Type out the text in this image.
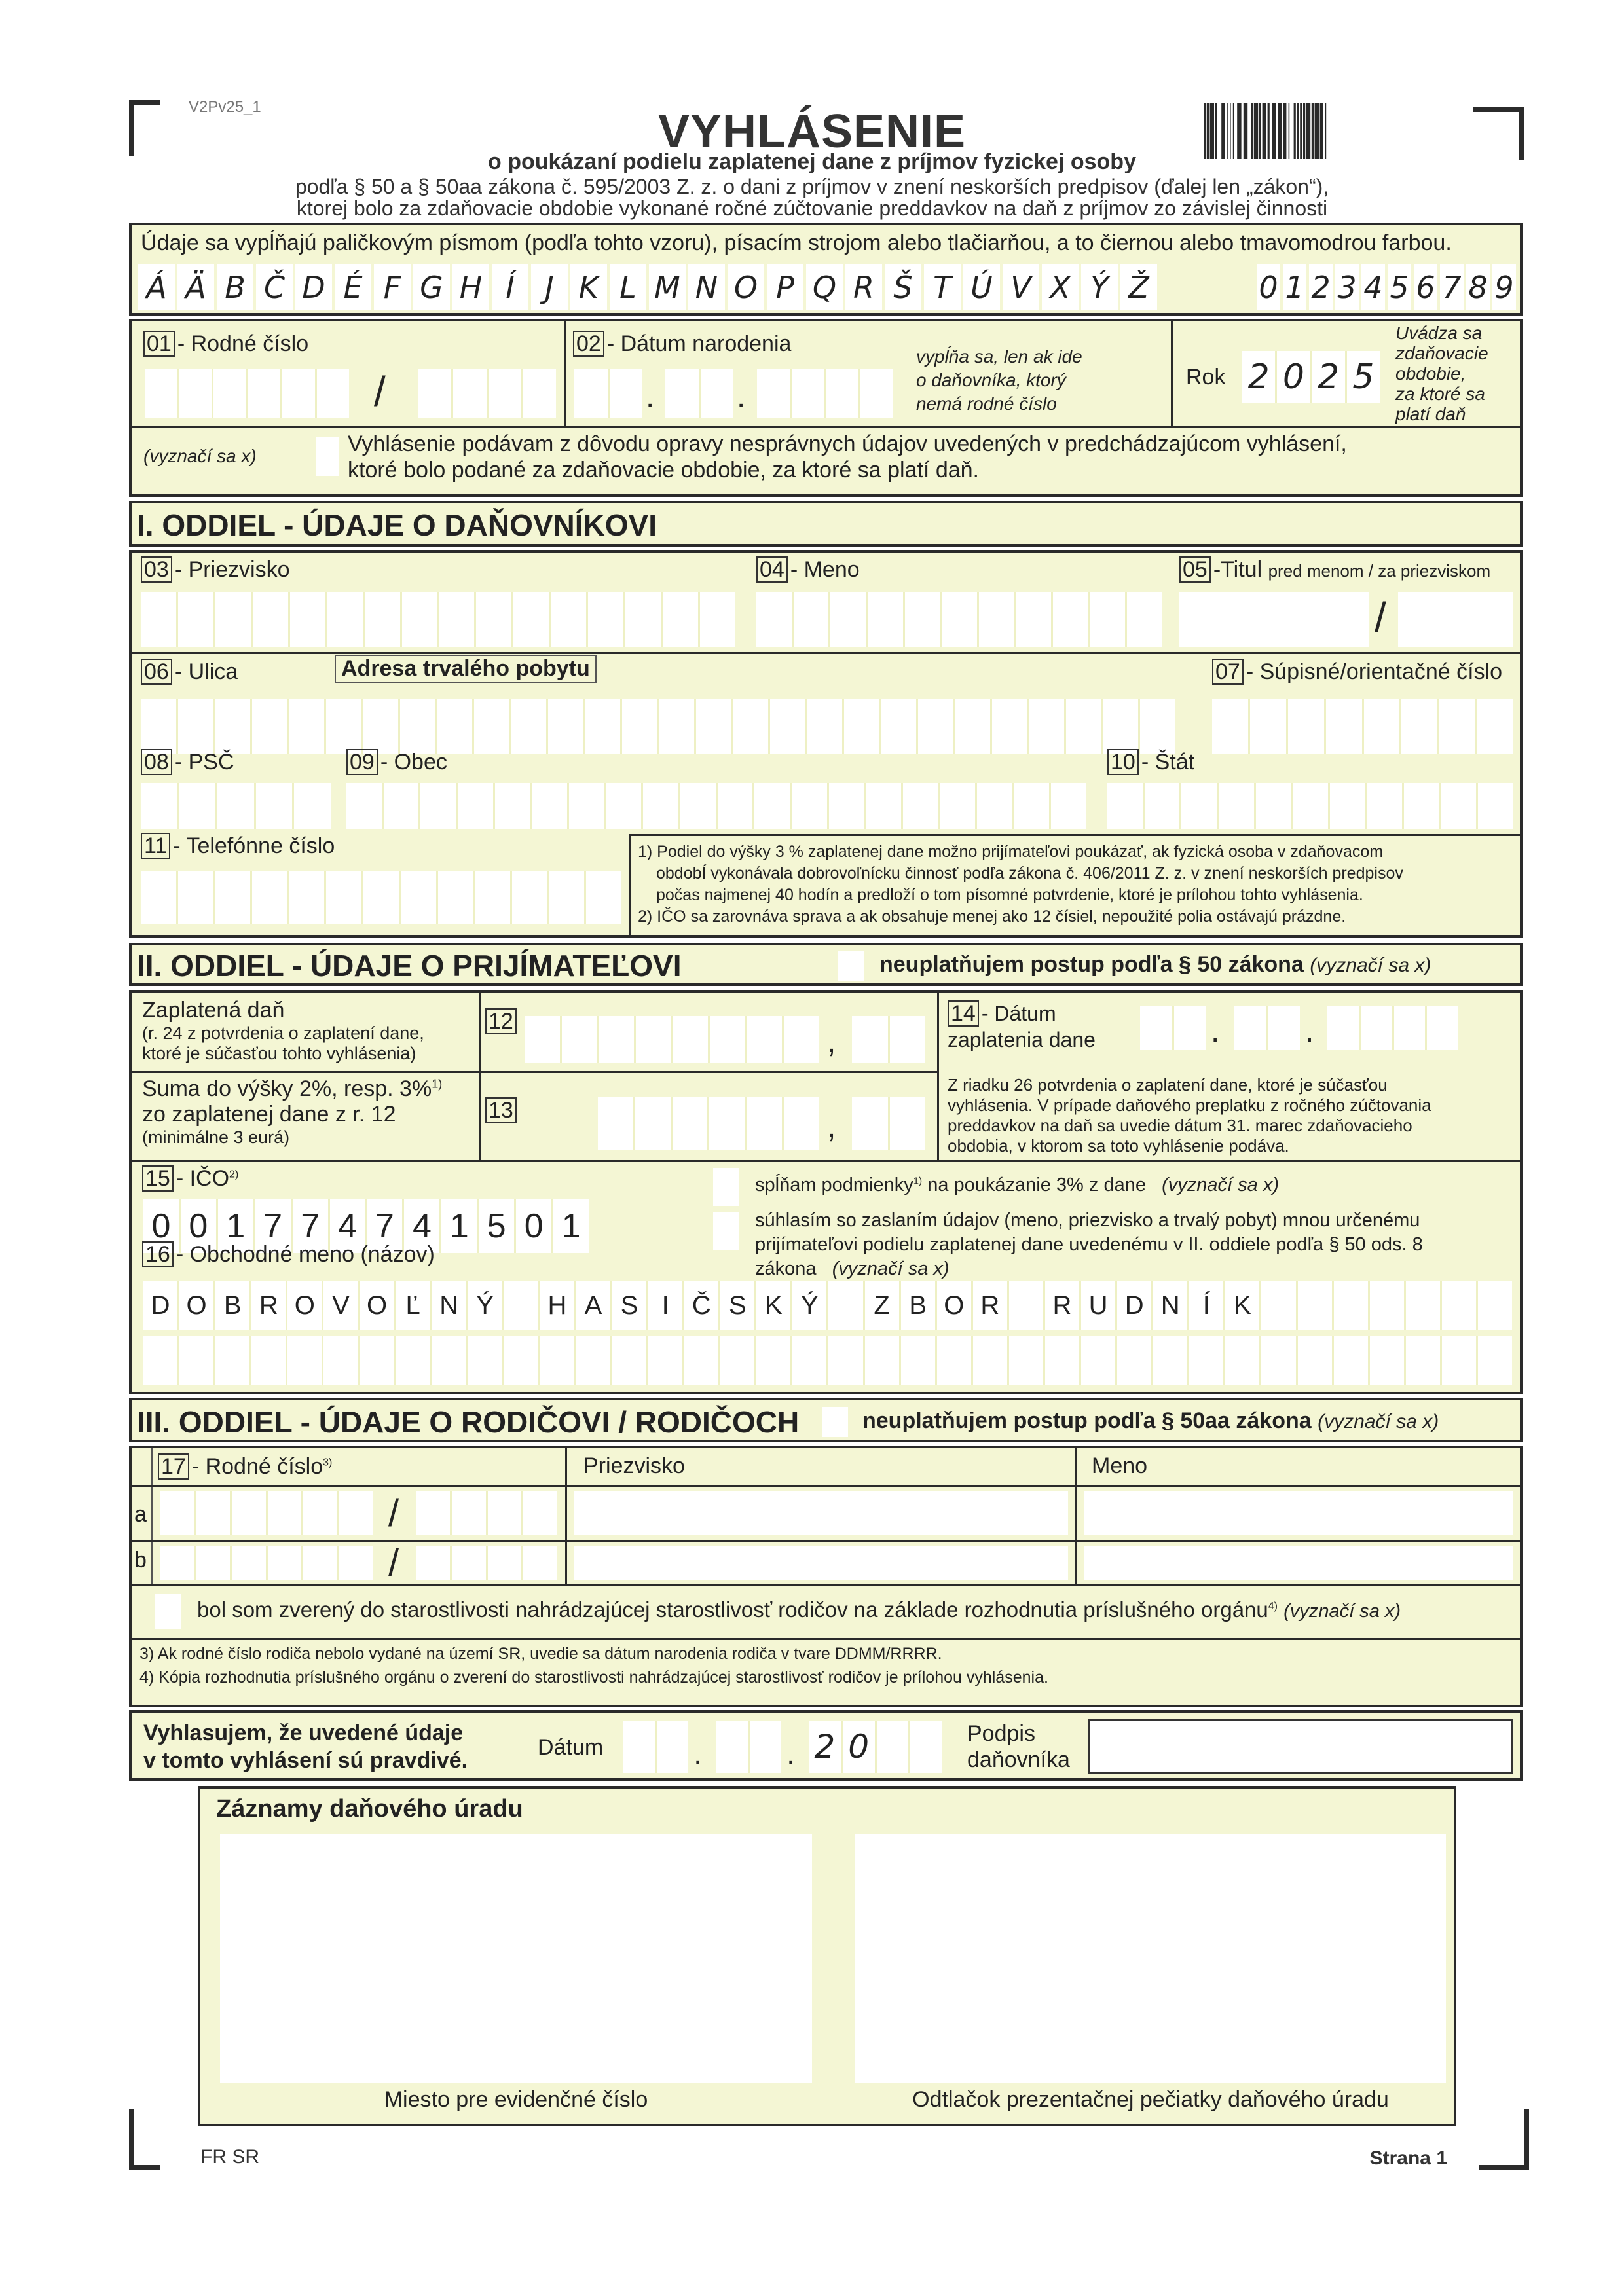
V2Pv25_1	VYHLÁSENIE
o poukázaní podielu zaplatenej dane z príjmov fyzickej osoby
podľa § 50 a § 50aa zákona č. 595/2003 Z. z. o dani z príjmov v znení neskorších predpisov (ďalej len „zákon“),
ktorej bolo za zdaňovacie obdobie vykonané ročné zúčtovanie preddavkov na daň z príjmov zo závislej činnosti
Údaje sa vypĺňajú paličkovým písmom (podľa tohto vzoru), písacím strojom alebo tlačiarňou, a to čiernou alebo tmavomodrou farbou.
Á Ä B Č D É F G H Í	J K L M N O P Q R Š T Ú V X Ý Ž	0 1 2 3 4 5 6 7 8 9
01 - Rodné číslo
/
02 - Dátum narodenia
.	.
vypĺňa sa, len ak ide
o daňovníka, ktorý
nemá rodné číslo
Rok 2 0 2 5
Uvádza sa
zdaňovacie
obdobie,
za ktoré sa
platí daň
(vyznačí sa x)	Vyhlásenie podávam z dôvodu opravy nesprávnych údajov uvedených v predchádzajúcom vyhlásení,
ktoré bolo podané za zdaňovacie obdobie, za ktoré sa platí daň.
I. ODDIEL - ÚDAJE O DAŇOVNÍKOVI
03 - Priezvisko	04 - Meno	05 -Titul pred menom / za priezviskom
/
06 - Ulica	Adresa trvalého pobytu	07 - Súpisné/orientačné číslo
08 - PSČ	09 - Obec	10 - Štát
11 - Telefónne číslo	1) Podiel do výšky 3 % zaplatenej dane možno prijímateľovi poukázať, ak fyzická osoba v zdaňovacom
obdobÍ vykonávala dobrovoľnícku činnosť podľa zákona č. 406/2011 Z. z. v znení neskorších predpisov
počas najmenej 40 hodín a predloží o tom písomné potvrdenie, ktoré je prílohou tohto vyhlásenia.
2) IČO sa zarovnáva sprava a ak obsahuje menej ako 12 čísiel, nepoužité polia ostávajú prázdne.
II. ODDIEL - ÚDAJE O PRIJÍMATEĽOVI	neuplatňujem postup podľa § 50 zákona (vyznačí sa x)
Zaplatená daň
(r. 24 z potvrdenia o zaplatení dane,
ktoré je súčasťou tohto vyhlásenia)
12
,
Suma do výšky 2%, resp. 3%$^{1)}$
zo zaplatenej dane z r. 12
(minimálne 3 eurá)
13	,
14 - Dátum
zaplatenia dane	.	.
Z riadku 26 potvrdenia o zaplatení dane, ktoré je súčasťou
vyhlásenia. V prípade daňového preplatku z ročného zúčtovania
preddavkov na daň sa uvedie dátum 31. marec zdaňovacieho
obdobia, v ktorom sa toto vyhlásenie podáva.
15 - IČO$^{2)}$
0 0 1 7 7 4 7 4 1 5 0 1
spĺňam podmienky$^{1)}$ na poukázanie 3% z dane (vyznačí sa x)
súhlasím so zaslaním údajov (meno, priezvisko a trvalý pobyt) mnou určenému
prijímateľovi podielu zaplatenej dane uvedenému v II. oddiele podľa § 50 ods. 8
zákona (vyznačí sa x)
16 - Obchodné meno (názov)
D O B R O V O Ľ N Ý	H A S I Č S K Ý	Z B O R	R U D N Í K
III. ODDIEL - ÚDAJE O RODIČOVI / RODIČOCH	neuplatňujem postup podľa § 50aa zákona (vyznačí sa x)
17 - Rodné číslo$^{3)}$	Priezvisko	Meno
a	/
b	/
bol som zverený do starostlivosti nahrádzajúcej starostlivosť rodičov na základe rozhodnutia príslušného orgánu$^{4)}$ (vyznačí sa x)
3) Ak rodné číslo rodiča nebolo vydané na území SR, uvedie sa dátum narodenia rodiča v tvare DDMM/RRRR.
4) Kópia rozhodnutia príslušného orgánu o zverení do starostlivosti nahrádzajúcej starostlivosť rodičov je prílohou vyhlásenia.
Vyhlasujem, že uvedené údaje
v tomto vyhlásení sú pravdivé.
Dátum	.	. 2 0	Podpis
daňovníka
Záznamy daňového úradu
Miesto pre evidenčné číslo	Odtlačok prezentačnej pečiatky daňového úradu
FR SR	Strana 1
